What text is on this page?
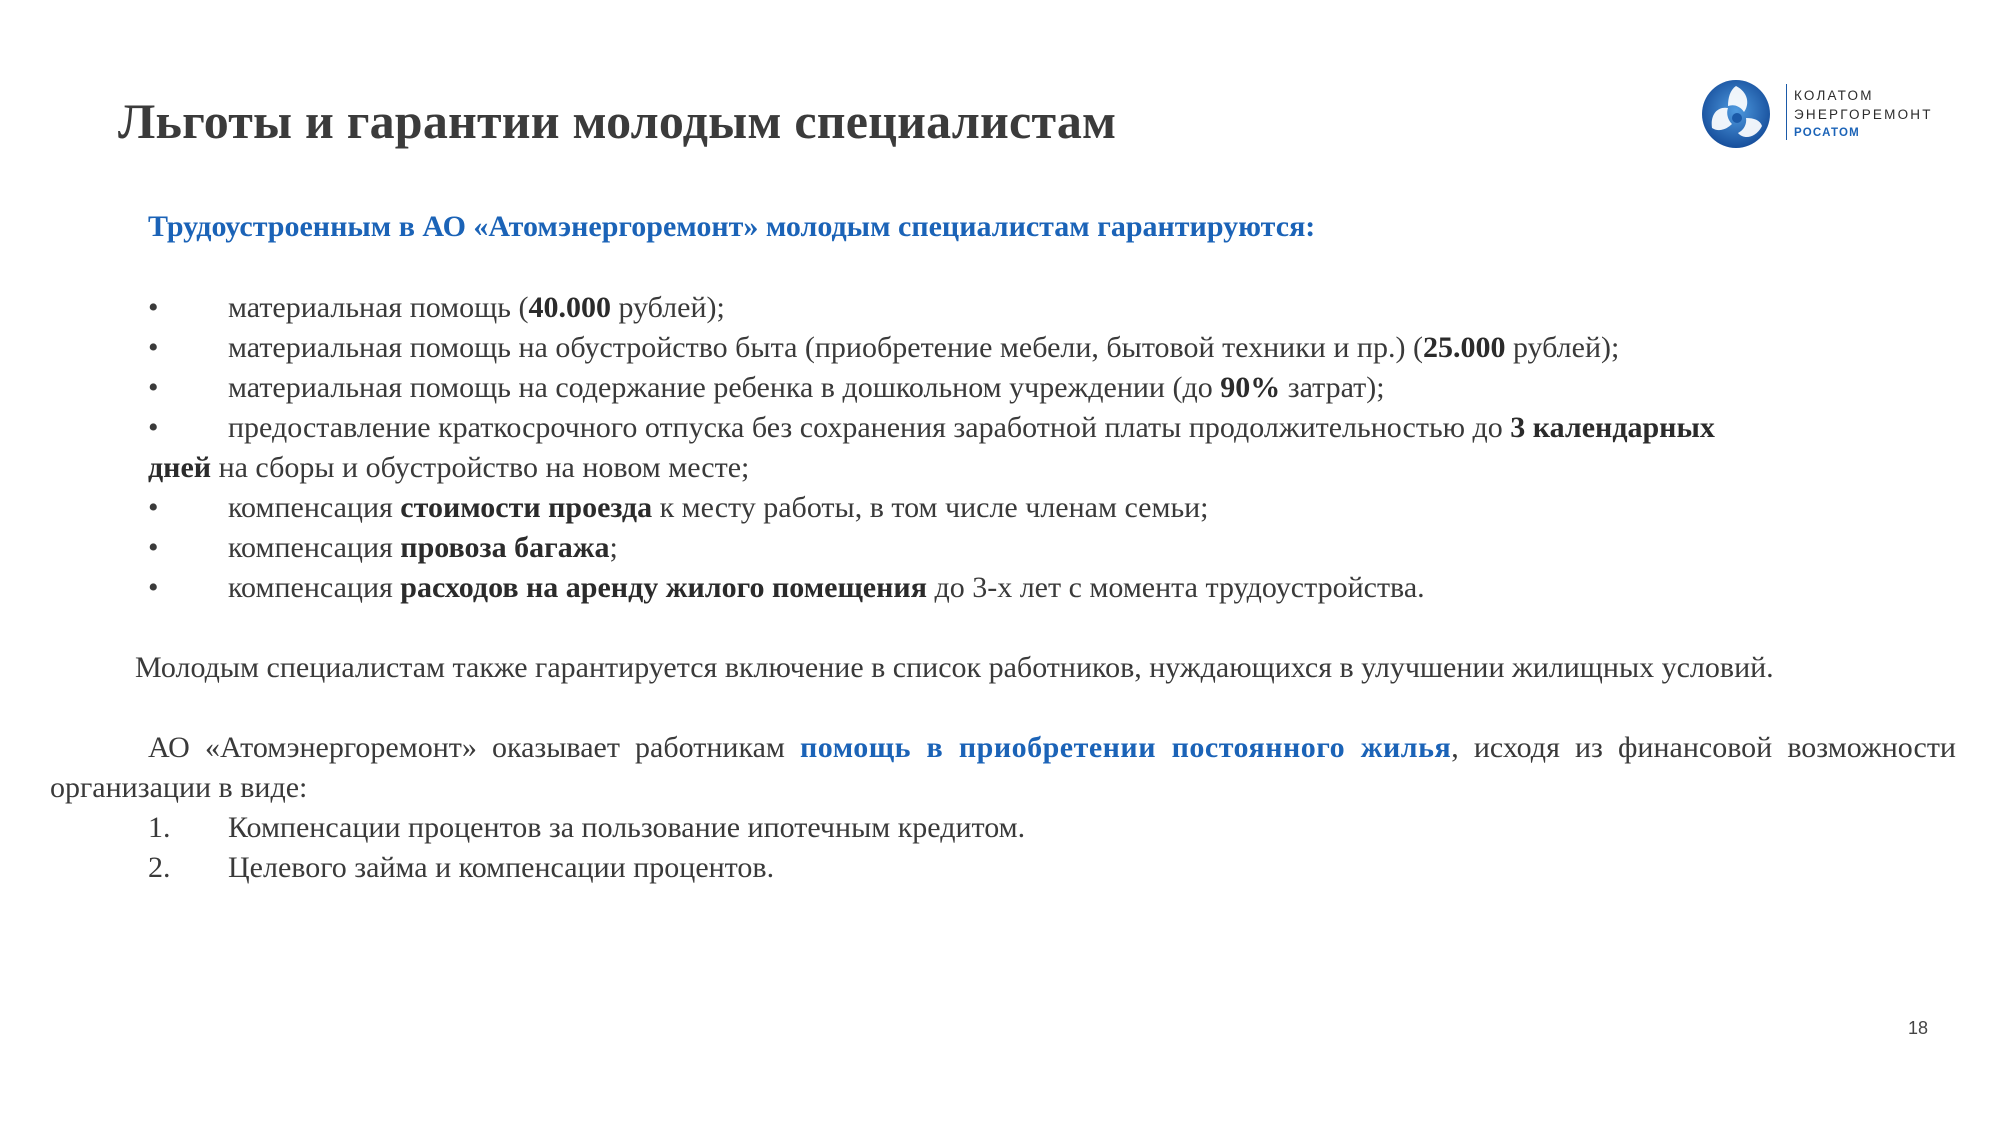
Льготы и гарантии молодым специалистам	КОЛАТОМ
ЭНЕРГОРЕМОНТ
РОСАТОМ

Трудоустроенным в АО «Атомэнергоремонт» молодым специалистам гарантируются:

• материальная помощь (40.000 рублей);

• материальная помощь на обустройство быта (приобретение мебели, бытовой техники и пр.) (25.000 рублей);

• материальная помощь на содержание ребенка в дошкольном учреждении (до 90% затрат);

• предоставление краткосрочного отпуска без сохранения заработной платы продолжительностью до 3 календарных
дней на сборы и обустройство на новом месте;

• компенсация стоимости проезда к месту работы, в том числе членам семьи;

• компенсация провоза багажа;

• компенсация расходов на аренду жилого помещения до 3-х лет с момента трудоустройства.

Молодым специалистам также гарантируется включение в список работников, нуждающихся в улучшении жилищных условий.

АО «Атомэнергоремонт» оказывает работникам помощь в приобретении постоянного жилья, исходя из финансовой возможности организации в виде:

1. Компенсации процентов за пользование ипотечным кредитом.

2. Целевого займа и компенсации процентов.

18
